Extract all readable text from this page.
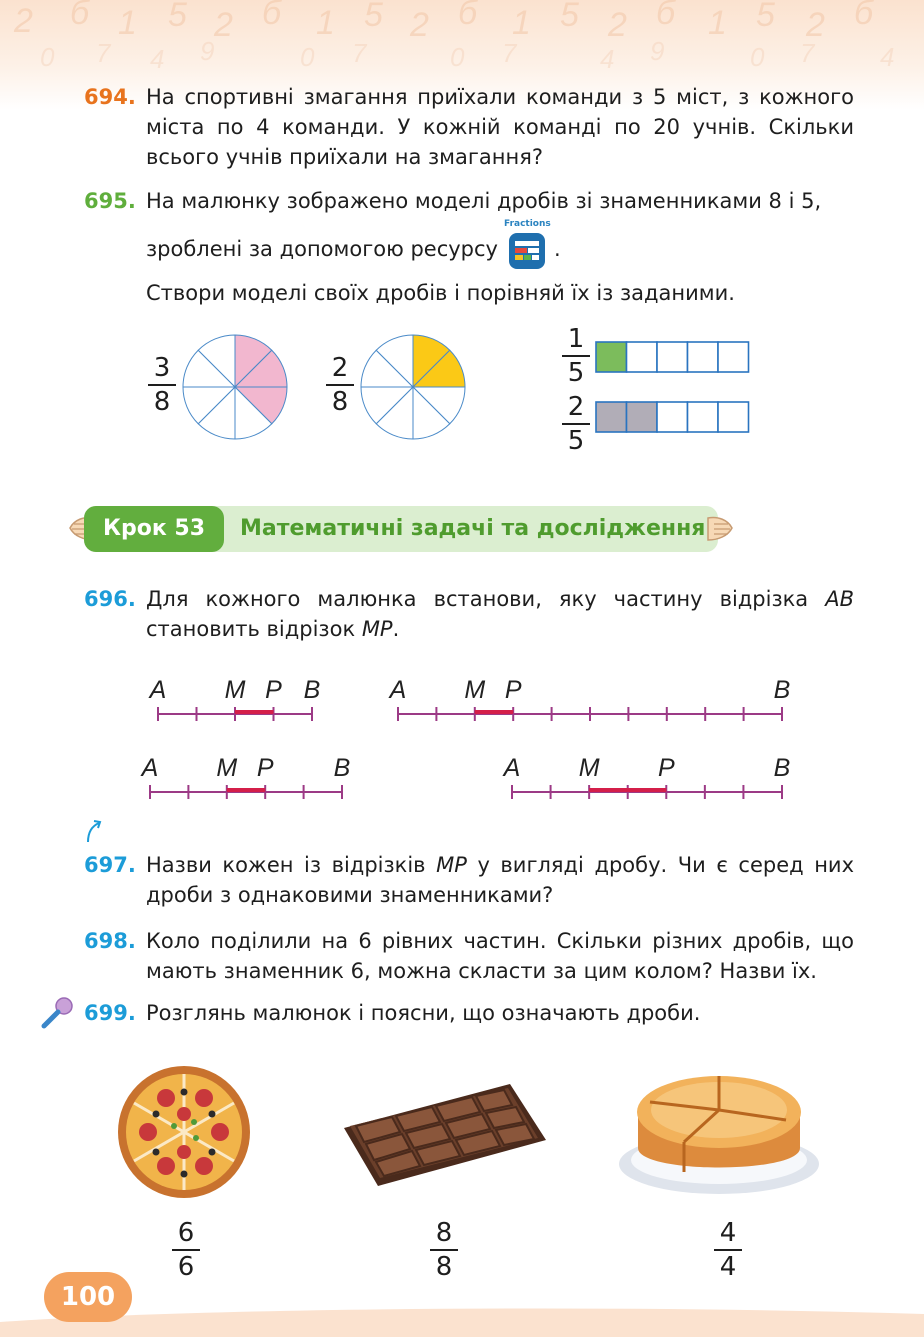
2 б 1 5 2 б 1 5 2 б 1 5 2 б 1 5 2 б
0 7 4 9	0 7	0 7	4 9	0 7	4
694. На спортивні змагання приїхали команди з 5 міст, з кожного міста по 4 команди. У кожній команді по 20 учнів. Скільки всього учнів приїхали на змагання?

695. На малюнку зображено моделі дробів зі знаменниками 8 і 5,

зроблені за допомогою ресурсу	.

Створи моделі своїх дробів і порівняй їх із заданими.

Fractions
3
8
2
8
1
5
2
5
Крок 53	Математичні задачі та дослідження
696. Для кожного малюнка встанови, яку частину відрізка AB становить відрізок MP.

A M P B	A M P	B
A M P B	A M P	B
697. Назви кожен із відрізків MP у вигляді дробу. Чи є серед них дроби з однаковими знаменниками?

698. Коло поділили на 6 рівних частин. Скільки різних дробів, що мають знаменник 6, можна скласти за цим колом? Назви їх.

699. Розглянь малюнок і поясни, що означають дроби.

6
6
8
8
4
4
100
